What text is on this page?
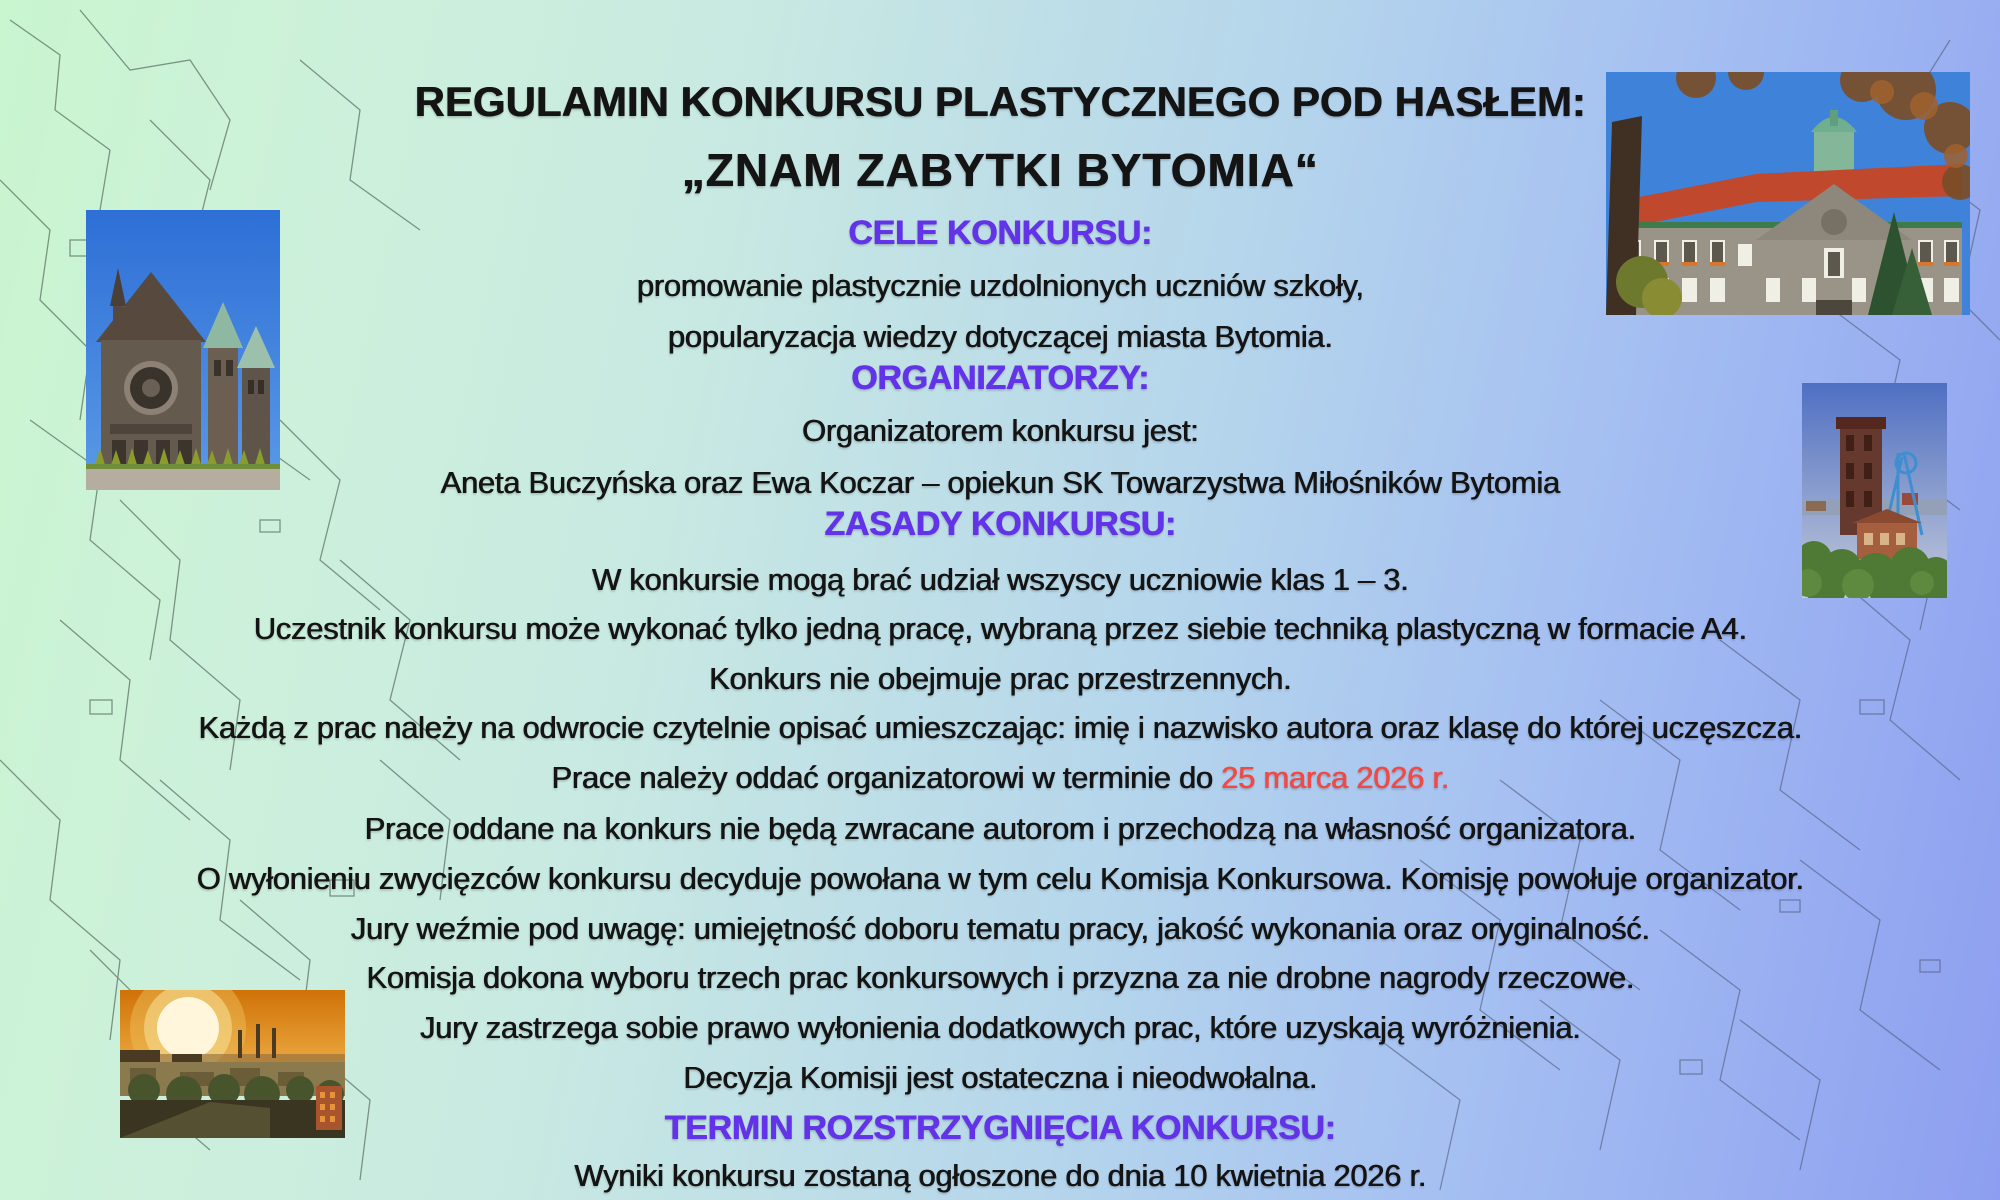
REGULAMIN KONKURSU PLASTYCZNEGO POD HASŁEM:
„ZNAM ZABYTKI BYTOMIA“
CELE KONKURSU:
promowanie plastycznie uzdolnionych uczniów szkoły,
popularyzacja wiedzy dotyczącej miasta Bytomia.
ORGANIZATORZY:
Organizatorem konkursu jest:
Aneta Buczyńska oraz Ewa Koczar – opiekun SK Towarzystwa Miłośników Bytomia
ZASADY KONKURSU:
W konkursie mogą brać udział wszyscy uczniowie klas 1 – 3.
Uczestnik konkursu może wykonać tylko jedną pracę, wybraną przez siebie techniką plastyczną w formacie A4.
Konkurs nie obejmuje prac przestrzennych.
Każdą z prac należy na odwrocie czytelnie opisać umieszczając: imię i nazwisko autora oraz klasę do której uczęszcza.
Prace należy oddać organizatorowi w terminie do 25 marca 2026 r.
Prace oddane na konkurs nie będą zwracane autorom i przechodzą na własność organizatora.
O wyłonieniu zwycięzców konkursu decyduje powołana w tym celu Komisja Konkursowa. Komisję powołuje organizator.
Jury weźmie pod uwagę: umiejętność doboru tematu pracy, jakość wykonania oraz oryginalność.
Komisja dokona wyboru trzech prac konkursowych i przyzna za nie drobne nagrody rzeczowe.
Jury zastrzega sobie prawo wyłonienia dodatkowych prac, które uzyskają wyróżnienia.
Decyzja Komisji jest ostateczna i nieodwołalna.
TERMIN ROZSTRZYGNIĘCIA KONKURSU:
Wyniki konkursu zostaną ogłoszone do dnia 10 kwietnia 2026 r.
